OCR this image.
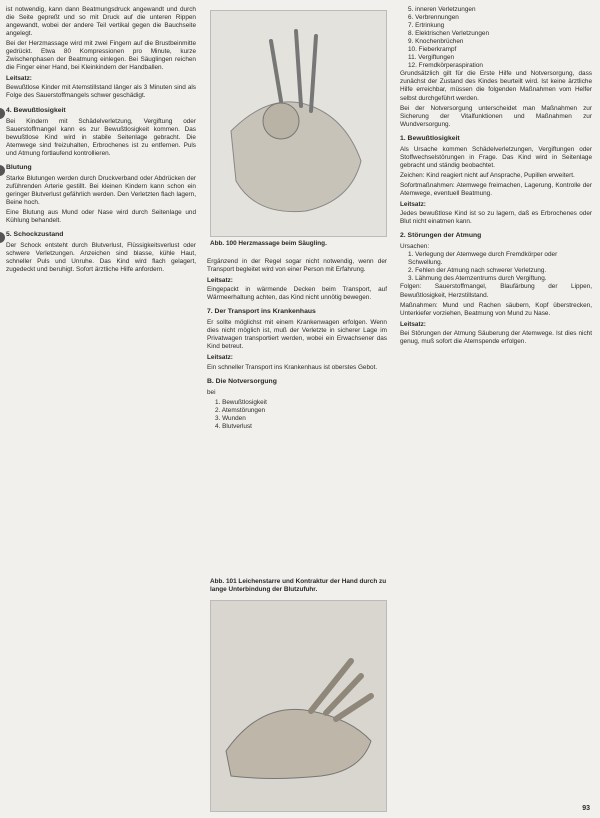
ist notwendig, kann dann Beatmungsdruck angewandt und durch die Seite gepreßt und so mit Druck auf die unteren Rippen angewandt, wobei der andere Teil vertikal gegen die Bauchseite angelegt.

Bei der Herzmassage wird mit zwei Fingern auf die Brustbeinmitte gedrückt. Etwa 80 Kompressionen pro Minute, kurze Zwischenphasen der Beatmung einlegen. Bei Säuglingen reichen die Finger einer Hand, bei Kleinkindern der Handballen.

Leitsatz:

Bewußtlose Kinder mit Atemstillstand länger als 3 Minuten sind als Folge des Sauerstoffmangels schwer geschädigt.

4. Bewußtlosigkeit

Bei Kindern mit Schädelverletzung, Vergiftung oder Sauerstoffmangel kann es zur Bewußtlosigkeit kommen. Das bewußtlose Kind wird in stabile Seitenlage gebracht. Die Atemwege sind freizuhalten, Erbrochenes ist zu entfernen. Puls und Atmung fortlaufend kontrollieren.

Blutung

Starke Blutungen werden durch Druckverband oder Abdrücken der zuführenden Arterie gestillt. Bei kleinen Kindern kann schon ein geringer Blutverlust gefährlich werden. Den Verletzten flach lagern, Beine hoch.

Eine Blutung aus Mund oder Nase wird durch Seitenlage und Kühlung behandelt.

5. Schockzustand

Der Schock entsteht durch Blutverlust, Flüssigkeitsverlust oder schwere Verletzungen. Anzeichen sind blasse, kühle Haut, schneller Puls und Unruhe. Das Kind wird flach gelagert, zugedeckt und beruhigt. Sofort ärztliche Hilfe anfordern.

Abb. 100 Herzmassage beim Säugling.

Ergänzend in der Regel sogar nicht notwendig, wenn der Transport begleitet wird von einer Person mit Erfahrung.

Leitsatz:

Eingepackt in wärmende Decken beim Transport, auf Wärmeerhaltung achten, das Kind nicht unnötig bewegen.

7. Der Transport ins Krankenhaus

Er sollte möglichst mit einem Krankenwagen erfolgen. Wenn dies nicht möglich ist, muß der Verletzte in sicherer Lage im Privatwagen transportiert werden, wobei ein Erwachsener das Kind betreut.

Leitsatz:

Ein schneller Transport ins Krankenhaus ist oberstes Gebot.

B. Die Notversorgung

bei

1. Bewußtlosigkeit
2. Atemstörungen
3. Wunden
4. Blutverlust
Abb. 101 Leichenstarre und Kontraktur der Hand durch zu lange Unterbindung der Blutzufuhr.
5. inneren Verletzungen
6. Verbrennungen
7. Ertrinkung
8. Elektrischen Verletzungen
9. Knochenbrüchen
10. Fieberkrampf
11. Vergiftungen
12. Fremdkörperaspiration

Grundsätzlich gilt für die Erste Hilfe und Notversorgung, dass zunächst der Zustand des Kindes beurteilt wird. Ist keine ärztliche Hilfe erreichbar, müssen die folgenden Maßnahmen vom Helfer selbst durchgeführt werden.

Bei der Notversorgung unterscheidet man Maßnahmen zur Sicherung der Vitalfunktionen und Maßnahmen zur Wundversorgung.

1. Bewußtlosigkeit

Als Ursache kommen Schädelverletzungen, Vergiftungen oder Stoffwechselstörungen in Frage. Das Kind wird in Seitenlage gebracht und ständig beobachtet.

Zeichen: Kind reagiert nicht auf Ansprache, Pupillen erweitert.

Sofortmaßnahmen: Atemwege freimachen, Lagerung, Kontrolle der Atemwege, eventuell Beatmung.

Leitsatz:

Jedes bewußtlose Kind ist so zu lagern, daß es Erbrochenes oder Blut nicht einatmen kann.

2. Störungen der Atmung
Ursachen:
1. Verlegung der Atemwege durch Fremdkörper oder Schwellung.
2. Fehlen der Atmung nach schwerer Verletzung.
3. Lähmung des Atemzentrums durch Vergiftung.

Folgen: Sauerstoffmangel, Blaufärbung der Lippen, Bewußtlosigkeit, Herzstillstand.

Maßnahmen: Mund und Rachen säubern, Kopf überstrecken, Unterkiefer vorziehen, Beatmung von Mund zu Nase.

Leitsatz:

Bei Störungen der Atmung Säuberung der Atemwege. Ist dies nicht genug, muß sofort die Atemspende erfolgen.

93
